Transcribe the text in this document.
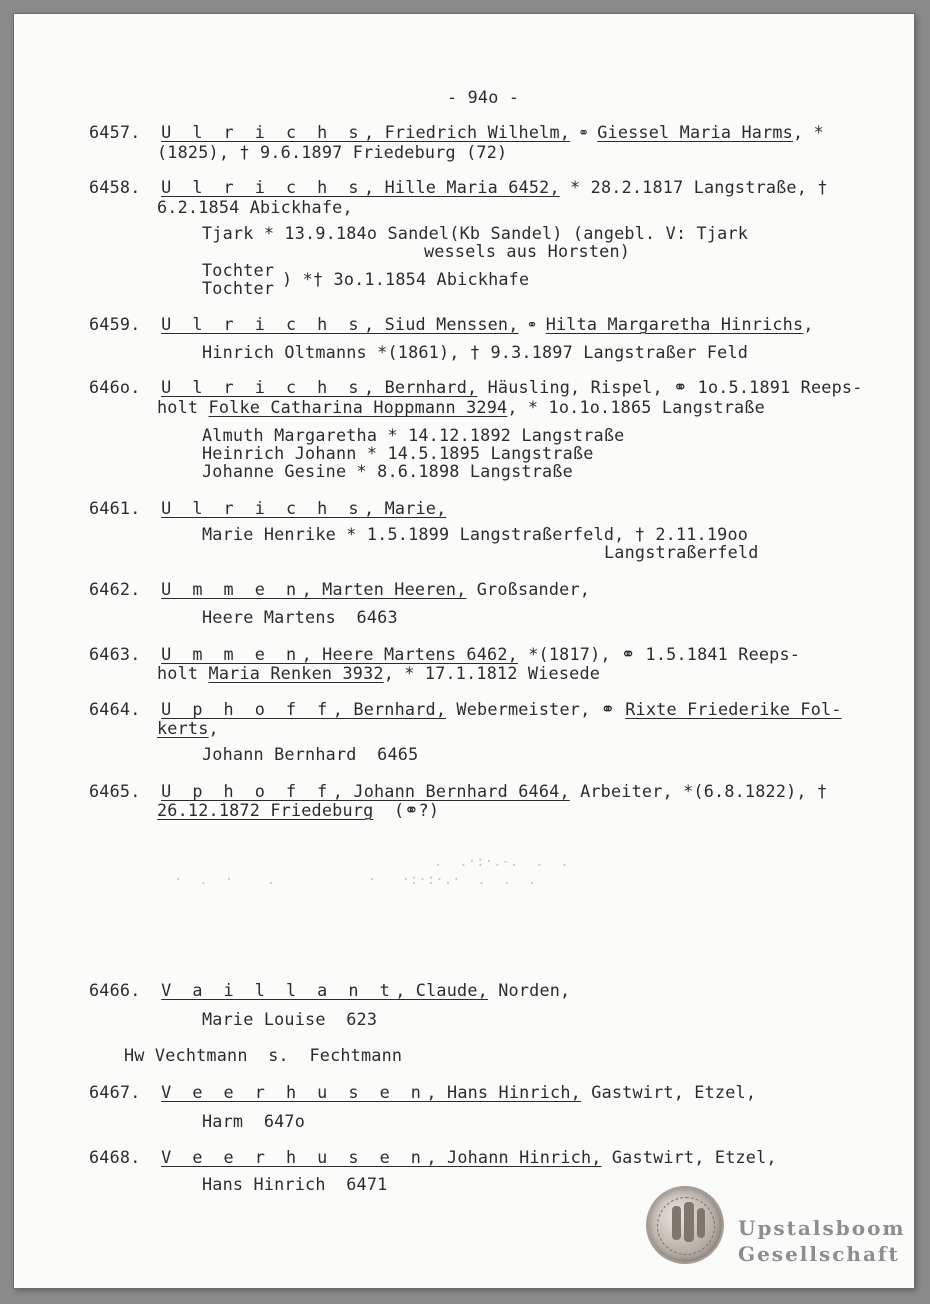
- 94o -
6457. U l r i c h s, Friedrich Wilhelm, ⚭ Giessel Maria Harms, *
(1825), † 9.6.1897 Friedeburg (72)
6458. U l r i c h s, Hille Maria 6452, * 28.2.1817 Langstraße, †
6.2.1854 Abickhafe,
Tjark * 13.9.184o Sandel(Kb Sandel) (angebl. V: Tjark
wessels aus Horsten)
Tochter
Tochter ) *† 3o.1.1854 Abickhafe
6459. U l r i c h s, Siud Menssen, ⚭ Hilta Margaretha Hinrichs,
Hinrich Oltmanns *(1861), † 9.3.1897 Langstraßer Feld
646o. U l r i c h s, Bernhard, Häusling, Rispel, ⚭ 1o.5.1891 Reeps-
holt Folke Catharina Hoppmann 3294, * 1o.1o.1865 Langstraße
Almuth Margaretha * 14.12.1892 Langstraße
Heinrich Johann * 14.5.1895 Langstraße
Johanne Gesine * 8.6.1898 Langstraße
6461. U l r i c h s, Marie,
Marie Henrike * 1.5.1899 Langstraßerfeld, † 2.11.19oo
Langstraßerfeld
6462. U m m e n, Marten Heeren, Großsander,
Heere Martens  6463
6463. U m m e n, Heere Martens 6462, *(1817), ⚭ 1.5.1841 Reeps-
holt Maria Renken 3932, * 17.1.1812 Wiesede
6464. U p h o f f, Bernhard, Webermeister, ⚭ Rixte Friederike Fol-
kerts,
Johann Bernhard  6465
6465. U p h o f f, Johann Bernhard 6464, Arbeiter, *(6.8.1822), †
26.12.1872 Friedeburg  (⚭?)
.  .·:·.-.  .  .
·  .  ·    .           ·   ·:·:·.·  .  .  .
6466. V a i l l a n t, Claude, Norden,
Marie Louise  623
Hw Vechtmann  s.  Fechtmann
6467. V e e r h u s e n, Hans Hinrich, Gastwirt, Etzel,
Harm  647o
6468. V e e r h u s e n, Johann Hinrich, Gastwirt, Etzel,
Hans Hinrich  6471
Upstalsboom
Gesellschaft
